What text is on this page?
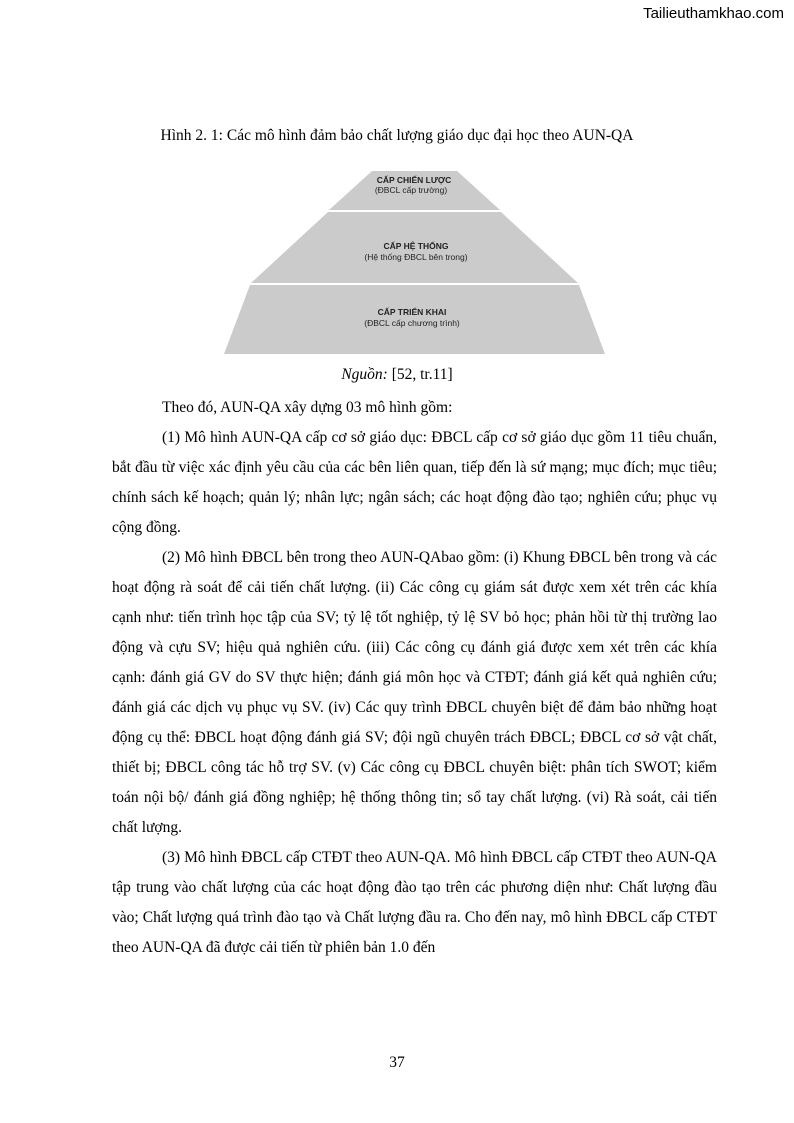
Tailieuthamkhao.com
Hình 2. 1: Các mô hình đảm bảo chất lượng giáo dục đại học theo AUN-QA
CẤP CHIẾN LƯỢC
(ĐBCL cấp trường)
CẤP HỆ THỐNG
(Hệ thống ĐBCL bên trong)
CẤP TRIỂN KHAI
(ĐBCL cấp chương trình)
Nguồn: [52, tr.11]

Theo đó, AUN-QA xây dựng 03 mô hình gồm:

(1) Mô hình AUN-QA cấp cơ sở giáo dục: ĐBCL cấp cơ sở giáo dục gồm 11 tiêu chuẩn, bắt đầu từ việc xác định yêu cầu của các bên liên quan, tiếp đến là sứ mạng; mục đích; mục tiêu; chính sách kế hoạch; quản lý; nhân lực; ngân sách; các hoạt động đào tạo; nghiên cứu; phục vụ cộng đồng.

(2) Mô hình ĐBCL bên trong theo AUN-QAbao gồm: (i) Khung ĐBCL bên trong và các hoạt động rà soát để cải tiến chất lượng. (ii) Các công cụ giám sát được xem xét trên các khía cạnh như: tiến trình học tập của SV; tỷ lệ tốt nghiệp, tỷ lệ SV bỏ học; phản hồi từ thị trường lao động và cựu SV; hiệu quả nghiên cứu. (iii) Các công cụ đánh giá được xem xét trên các khía cạnh: đánh giá GV do SV thực hiện; đánh giá môn học và CTĐT; đánh giá kết quả nghiên cứu; đánh giá các dịch vụ phục vụ SV. (iv) Các quy trình ĐBCL chuyên biệt để đảm bảo những hoạt động cụ thể: ĐBCL hoạt động đánh giá SV; đội ngũ chuyên trách ĐBCL; ĐBCL cơ sở vật chất, thiết bị; ĐBCL công tác hỗ trợ SV. (v) Các công cụ ĐBCL chuyên biệt: phân tích SWOT; kiểm toán nội bộ/ đánh giá đồng nghiệp; hệ thống thông tin; sổ tay chất lượng. (vi) Rà soát, cải tiến chất lượng.

(3) Mô hình ĐBCL cấp CTĐT theo AUN-QA. Mô hình ĐBCL cấp CTĐT theo AUN-QA tập trung vào chất lượng của các hoạt động đào tạo trên các phương diện như: Chất lượng đầu vào; Chất lượng quá trình đào tạo và Chất lượng đầu ra. Cho đến nay, mô hình ĐBCL cấp CTĐT theo AUN-QA đã được cải tiến từ phiên bản 1.0 đến

37
